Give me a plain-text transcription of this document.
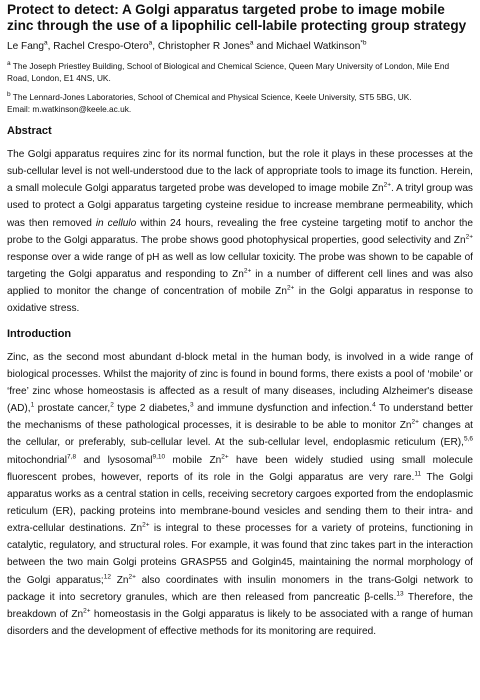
Protect to detect: A Golgi apparatus targeted probe to image mobile zinc through the use of a lipophilic cell-labile protecting group strategy
Le Fang$^a$, Rachel Crespo-Otero$^a$, Christopher R Jones$^a$ and Michael Watkinson$^{*b}$

$^a$ The Joseph Priestley Building, School of Biological and Chemical Science, Queen Mary University of London, Mile End Road, London, E1 4NS, UK.

$^b$ The Lennard-Jones Laboratories, School of Chemical and Physical Science, Keele University, ST5 5BG, UK.

Email: m.watkinson@keele.ac.uk.

Abstract
The Golgi apparatus requires zinc for its normal function, but the role it plays in these processes at the sub-cellular level is not well-understood due to the lack of appropriate tools to image its function. Herein, a small molecule Golgi apparatus targeted probe was developed to image mobile $Zn^{2+}$. A trityl group was used to protect a Golgi apparatus targeting cysteine residue to increase membrane permeability, which was then removed in cellulo within 24 hours, revealing the free cysteine targeting motif to anchor the probe to the Golgi apparatus. The probe shows good photophysical properties, good selectivity and $Zn^{2+}$ response over a wide range of pH as well as low cellular toxicity. The probe was shown to be capable of targeting the Golgi apparatus and responding to $Zn^{2+}$ in a number of different cell lines and was also applied to monitor the change of concentration of mobile $Zn^{2+}$ in the Golgi apparatus in response to oxidative stress.
Introduction
Zinc, as the second most abundant d-block metal in the human body, is involved in a wide range of biological processes. Whilst the majority of zinc is found in bound forms, there exists a pool of ‘mobile’ or ‘free’ zinc whose homeostasis is affected as a result of many diseases, including Alzheimer's disease (AD),$^1$ prostate cancer,$^2$ type 2 diabetes,$^3$ and immune dysfunction and infection.$^4$ To understand better the mechanisms of these pathological processes, it is desirable to be able to monitor $Zn^{2+}$ changes at the cellular, or preferably, sub-cellular level. At the sub-cellular level, endoplasmic reticulum (ER),$^{5,6}$ mitochondrial$^{7,8}$ and lysosomal$^{9,10}$ mobile $Zn^{2+}$ have been widely studied using small molecule fluorescent probes, however, reports of its role in the Golgi apparatus are very rare.$^{11}$ The Golgi apparatus works as a central station in cells, receiving secretory cargoes exported from the endoplasmic reticulum (ER), packing proteins into membrane-bound vesicles and sending them to their intra- and extra-cellular destinations. $Zn^{2+}$ is integral to these processes for a variety of proteins, functioning in catalytic, regulatory, and structural roles. For example, it was found that zinc takes part in the interaction between the two main Golgi proteins GRASP55 and Golgin45, maintaining the normal morphology of the Golgi apparatus;$^{12}$ $Zn^{2+}$ also coordinates with insulin monomers in the trans-Golgi network to package it into secretory granules, which are then released from pancreatic β-cells.$^{13}$ Therefore, the breakdown of $Zn^{2+}$ homeostasis in the Golgi apparatus is likely to be associated with a range of human disorders and the development of effective methods for its monitoring are required.
